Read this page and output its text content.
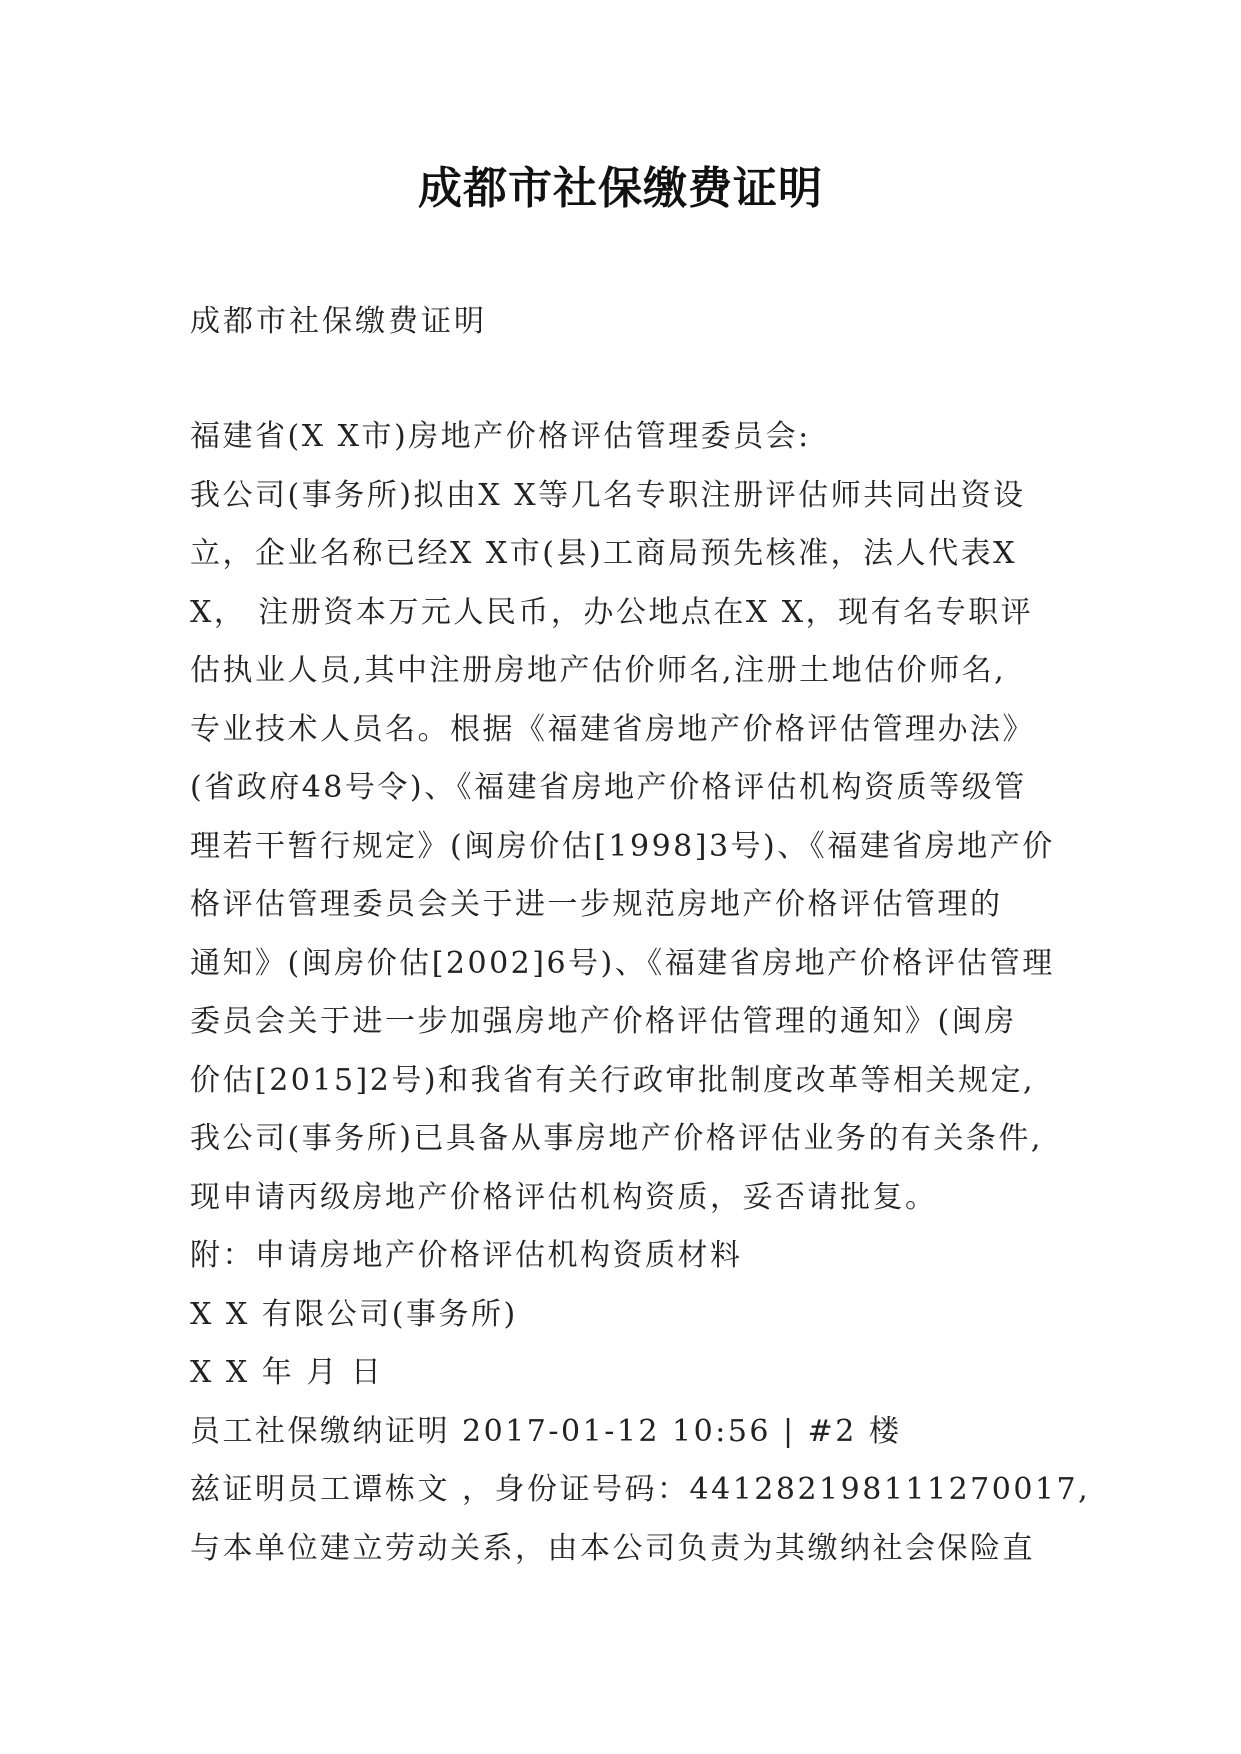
成都市社保缴费证明
成都市社保缴费证明
福建省(X X市)房地产价格评估管理委员会:
我公司(事务所)拟由X X等几名专职注册评估师共同出资设
立，企业名称已经X X市(县)工商局预先核准，法人代表X
X， 注册资本万元人民币，办公地点在X X，现有名专职评
估执业人员,其中注册房地产估价师名,注册土地估价师名,
专业技术人员名。根据《福建省房地产价格评估管理办法》
(省政府48号令)、《福建省房地产价格评估机构资质等级管
理若干暂行规定》(闽房价估[1998]3号)、《福建省房地产价
格评估管理委员会关于进一步规范房地产价格评估管理的
通知》(闽房价估[2002]6号)、《福建省房地产价格评估管理
委员会关于进一步加强房地产价格评估管理的通知》(闽房
价估[2015]2号)和我省有关行政审批制度改革等相关规定,
我公司(事务所)已具备从事房地产价格评估业务的有关条件,
现申请丙级房地产价格评估机构资质，妥否请批复。
附：申请房地产价格评估机构资质材料
X X 有限公司(事务所)
X X 年 月 日
员工社保缴纳证明 2017-01-12 10:56 | #2 楼
兹证明员工谭栋文 ，身份证号码：441282198111270017,
与本单位建立劳动关系，由本公司负责为其缴纳社会保险直
